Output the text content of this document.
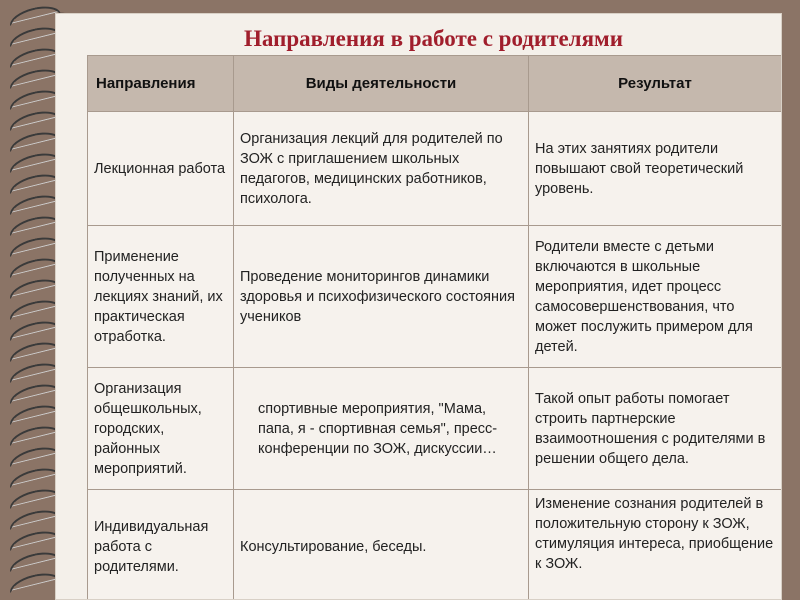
Направления в работе с родителями
Направления	Виды деятельности	Результат
Лекционная работа	Организация лекций для родителей по ЗОЖ с приглашением школьных педагогов, медицинских работников, психолога.	На этих занятиях родители повышают свой теоретический уровень.
Применение полученных на лекциях знаний, их практическая отработка.	Проведение мониторингов динамики здоровья и психофизического состояния учеников	Родители вместе с детьми включаются в школьные мероприятия, идет процесс самосовершенствования, что может послужить примером для детей.
Организация общешкольных, городских, районных мероприятий.	спортивные мероприятия, "Мама, папа, я - спортивная семья", пресс-конференции по ЗОЖ, дискуссии…	Такой опыт работы помогает строить партнерские взаимоотношения с родителями в решении общего дела.
Индивидуальная работа с родителями.	Консультирование, беседы.	Изменение сознания родителей в положительную сторону к ЗОЖ, стимуляция интереса, приобщение к ЗОЖ.
